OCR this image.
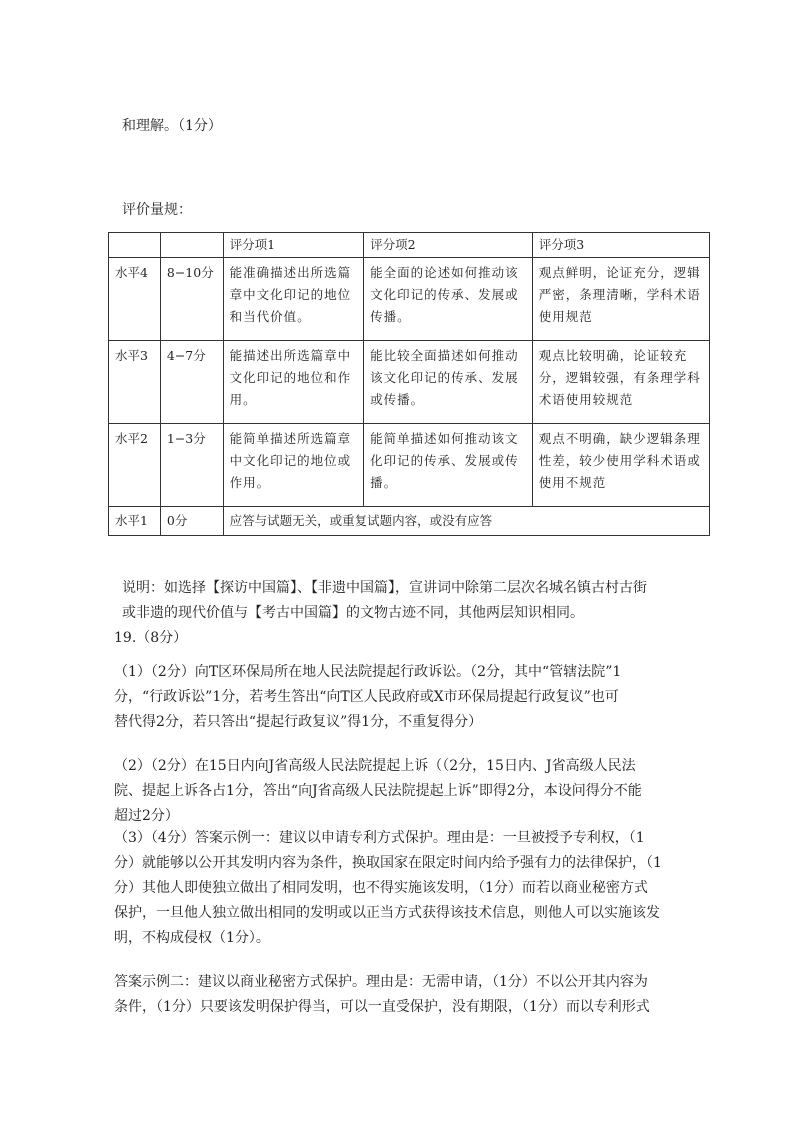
和理解。（1分）

评价量规：

		评分项1	评分项2	评分项3
水平4	8−10分	能准确描述出所选篇章中文化印记的地位和当代价值。	能全面的论述如何推动该文化印记的传承、发展或传播。	观点鲜明，论证充分，逻辑严密，条理清晰，学科术语使用规范
水平3	4−7分	能描述出所选篇章中文化印记的地位和作用。	能比较全面描述如何推动该文化印记的传承、发展或传播。	观点比较明确，论证较充分，逻辑较强，有条理学科术语使用较规范
水平2	1−3分	能简单描述所选篇章中文化印记的地位或作用。	能简单描述如何推动该文化印记的传承、发展或传播。	观点不明确，缺少逻辑条理性差，较少使用学科术语或使用不规范
水平1	0分	应答与试题无关，或重复试题内容，或没有应答		

说明：如选择【探访中国篇】、【非遗中国篇】，宣讲词中除第二层次名城名镇古村古街
或非遗的现代价值与【考古中国篇】的文物古迹不同，其他两层知识相同。

19.（8分）

（1）（2分）向T区环保局所在地人民法院提起行政诉讼。（2分，其中“管辖法院”1
分，“行政诉讼”1分，若考生答出“向T区人民政府或X市环保局提起行政复议”也可
替代得2分，若只答出“提起行政复议”得1分，不重复得分）

（2）（2分）在15日内向J省高级人民法院提起上诉（（2分，15日内、J省高级人民法
院、提起上诉各占1分，答出“向J省高级人民法院提起上诉”即得2分，本设问得分不能
超过2分）

（3）（4分）答案示例一：建议以申请专利方式保护。理由是：一旦被授予专利权，（1
分）就能够以公开其发明内容为条件，换取国家在限定时间内给予强有力的法律保护，（1
分）其他人即使独立做出了相同发明，也不得实施该发明，（1分）而若以商业秘密方式
保护，一旦他人独立做出相同的发明或以正当方式获得该技术信息，则他人可以实施该发
明，不构成侵权（1分）。

答案示例二：建议以商业秘密方式保护。理由是：无需申请，（1分）不以公开其内容为
条件，（1分）只要该发明保护得当，可以一直受保护，没有期限，（1分）而以专利形式
